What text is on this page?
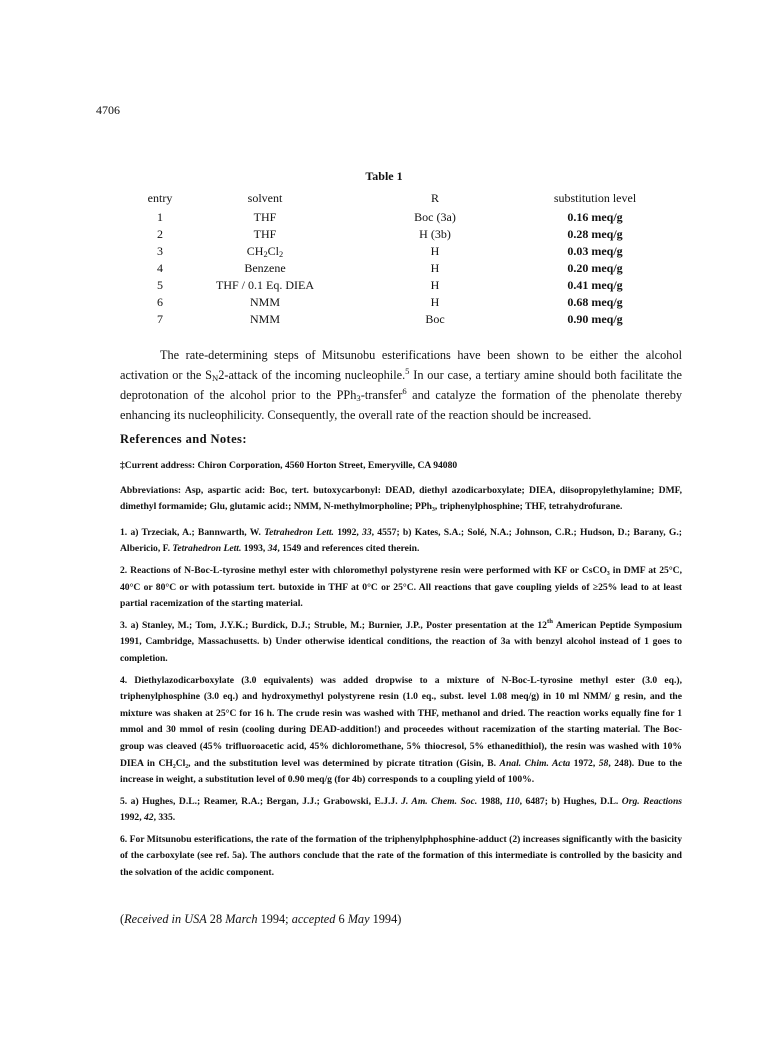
4706
Table 1
entry	solvent	R	substitution level
1	THF	Boc (3a)	0.16 meq/g
2	THF	H (3b)	0.28 meq/g
3	$CH_2Cl_2$	H	0.03 meq/g
4	Benzene	H	0.20 meq/g
5	THF / 0.1 Eq. DIEA	H	0.41 meq/g
6	NMM	H	0.68 meq/g
7	NMM	Boc	0.90 meq/g

The rate-determining steps of Mitsunobu esterifications have been shown to be either the alcohol activation or the $S_N2$-attack of the incoming nucleophile.$^5$ In our case, a tertiary amine should both facilitate the deprotonation of the alcohol prior to the PPh$_3$-transfer$^6$ and catalyze the formation of the phenolate thereby enhancing its nucleophilicity. Consequently, the overall rate of the reaction should be increased.

References and Notes:

‡Current address: Chiron Corporation, 4560 Horton Street, Emeryville, CA 94080

Abbreviations: Asp, aspartic acid: Boc, tert. butoxycarbonyl: DEAD, diethyl azodicarboxylate; DIEA, diisopropylethylamine; DMF, dimethyl formamide; Glu, glutamic acid:; NMM, N-methylmorpholine; PPh₃, triphenylphosphine; THF, tetrahydrofurane.

1. a) Trzeciak, A.; Bannwarth, W. Tetrahedron Lett. 1992, 33, 4557; b) Kates, S.A.; Solé, N.A.; Johnson, C.R.; Hudson, D.; Barany, G.; Albericio, F. Tetrahedron Lett. 1993, 34, 1549 and references cited therein.

2. Reactions of N-Boc-L-tyrosine methyl ester with chloromethyl polystyrene resin were performed with KF or CsCO₃ in DMF at 25°C, 40°C or 80°C or with potassium tert. butoxide in THF at 0°C or 25°C. All reactions that gave coupling yields of ≥25% lead to at least partial racemization of the starting material.

3. a) Stanley, M.; Tom, J.Y.K.; Burdick, D.J.; Struble, M.; Burnier, J.P., Poster presentation at the 12th American Peptide Symposium 1991, Cambridge, Massachusetts. b) Under otherwise identical conditions, the reaction of 3a with benzyl alcohol instead of 1 goes to completion.

4. Diethylazodicarboxylate (3.0 equivalents) was added dropwise to a mixture of N-Boc-L-tyrosine methyl ester (3.0 eq.), triphenylphosphine (3.0 eq.) and hydroxymethyl polystyrene resin (1.0 eq., subst. level 1.08 meq/g) in 10 ml NMM/ g resin, and the mixture was shaken at 25°C for 16 h. The crude resin was washed with THF, methanol and dried. The reaction works equally fine for 1 mmol and 30 mmol of resin (cooling during DEAD-addition!) and proceedes without racemization of the starting material. The Boc-group was cleaved (45% trifluoroacetic acid, 45% dichloromethane, 5% thiocresol, 5% ethanedithiol), the resin was washed with 10% DIEA in CH₂Cl₂, and the substitution level was determined by picrate titration (Gisin, B. Anal. Chim. Acta 1972, 58, 248). Due to the increase in weight, a substitution level of 0.90 meq/g (for 4b) corresponds to a coupling yield of 100%.

5. a) Hughes, D.L.; Reamer, R.A.; Bergan, J.J.; Grabowski, E.J.J. J. Am. Chem. Soc. 1988, 110, 6487; b) Hughes, D.L. Org. Reactions 1992, 42, 335.

6. For Mitsunobu esterifications, the rate of the formation of the triphenylphphosphine-adduct (2) increases significantly with the basicity of the carboxylate (see ref. 5a). The authors conclude that the rate of the formation of this intermediate is controlled by the basicity and the solvation of the acidic component.

(Received in USA 28 March 1994; accepted 6 May 1994)
